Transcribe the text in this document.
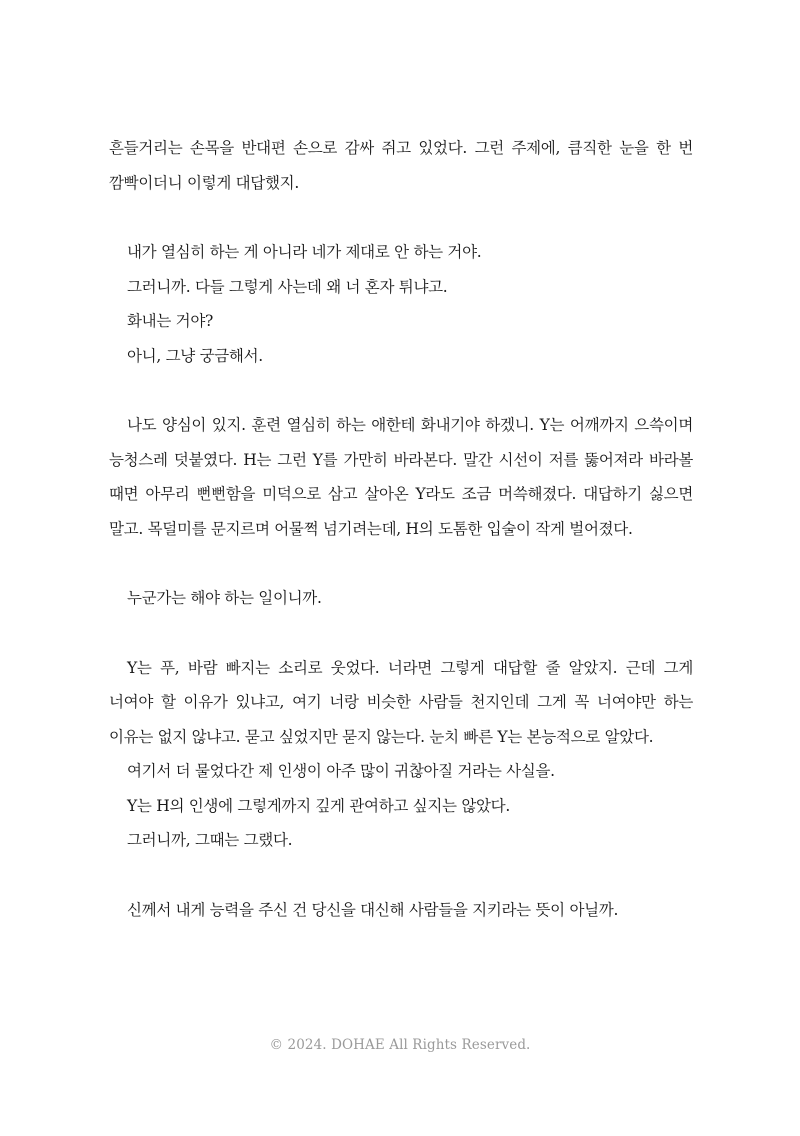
흔들거리는 손목을 반대편 손으로 감싸 쥐고 있었다. 그런 주제에, 큼직한 눈을 한 번 깜빡이더니 이렇게 대답했지.

내가 열심히 하는 게 아니라 네가 제대로 안 하는 거야.

그러니까. 다들 그렇게 사는데 왜 너 혼자 튀냐고.

화내는 거야?

아니, 그냥 궁금해서.

나도 양심이 있지. 훈련 열심히 하는 애한테 화내기야 하겠니. Y는 어깨까지 으쓱이며 능청스레 덧붙였다. H는 그런 Y를 가만히 바라본다. 말간 시선이 저를 뚫어져라 바라볼 때면 아무리 뻔뻔함을 미덕으로 삼고 살아온 Y라도 조금 머쓱해졌다. 대답하기 싫으면 말고. 목덜미를 문지르며 어물쩍 넘기려는데, H의 도톰한 입술이 작게 벌어졌다.

누군가는 해야 하는 일이니까.

Y는 푸, 바람 빠지는 소리로 웃었다. 너라면 그렇게 대답할 줄 알았지. 근데 그게 너여야 할 이유가 있냐고, 여기 너랑 비슷한 사람들 천지인데 그게 꼭 너여야만 하는 이유는 없지 않냐고. 묻고 싶었지만 묻지 않는다. 눈치 빠른 Y는 본능적으로 알았다.

여기서 더 물었다간 제 인생이 아주 많이 귀찮아질 거라는 사실을.

Y는 H의 인생에 그렇게까지 깊게 관여하고 싶지는 않았다.

그러니까, 그때는 그랬다.

신께서 내게 능력을 주신 건 당신을 대신해 사람들을 지키라는 뜻이 아닐까.

© 2024. DOHAE All Rights Reserved.
